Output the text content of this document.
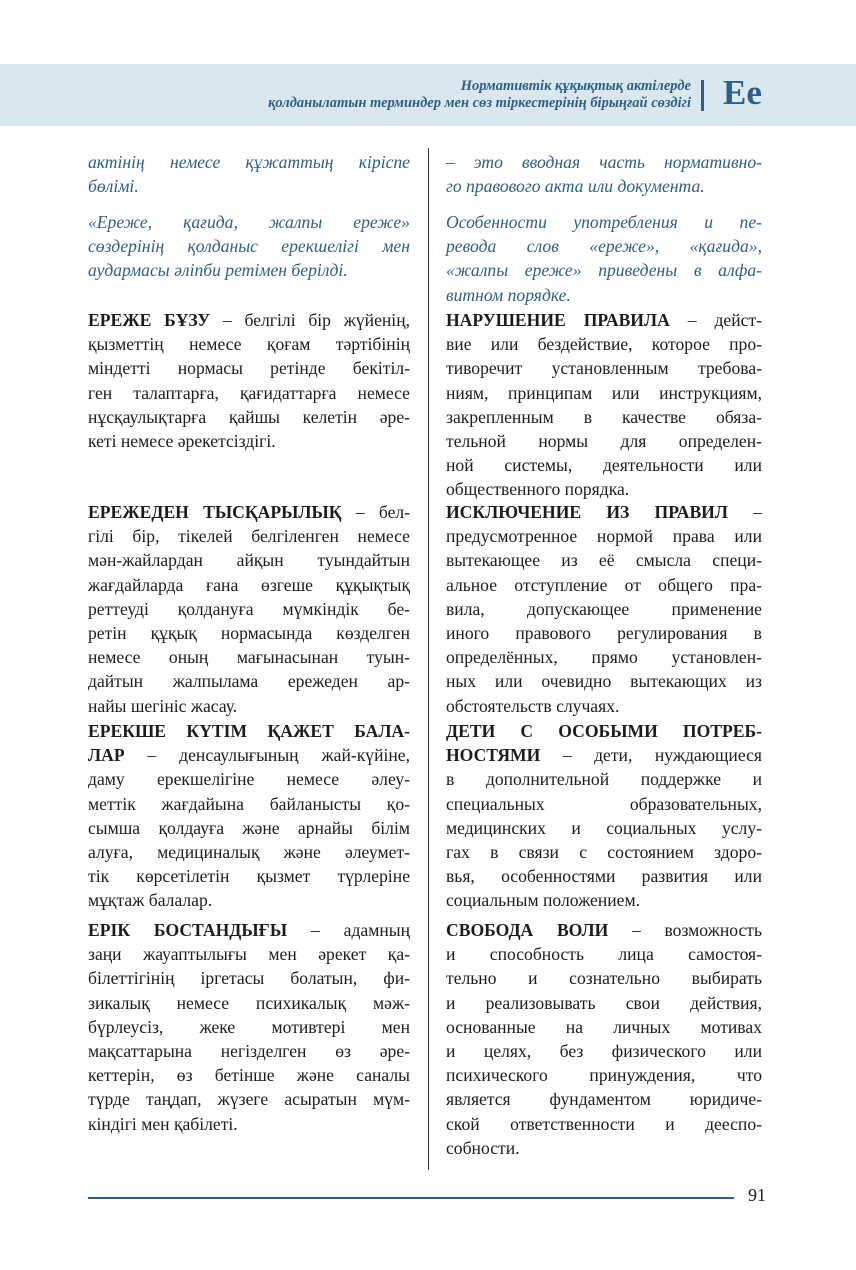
Нормативтік құқықтық актілерде
қолданылатын терминдер мен сөз тіркестерінің бірыңғай сөздігі Ее

актінің немесе құжаттың кіріспе
бөлімі.

«Ереже, қағида, жалпы ереже»
сөздерінің қолданыс ерекшелігі мен
аудармасы әліпби ретімен берілді.

ЕРЕЖЕ БҰЗУ – белгілі бір жүйенің,
қызметтің немесе қоғам тәртібінің
міндетті нормасы ретінде бекітіл-
ген талаптарға, қағидаттарға немесе
нұсқаулықтарға қайшы келетін әре-
кеті немесе әрекетсіздігі.

ЕРЕЖЕДЕН ТЫСҚАРЫЛЫҚ – бел-
гілі бір, тікелей белгіленген немесе
мән-жайлардан айқын туындайтын
жағдайларда ғана өзгеше құқықтық
реттеуді қолдануға мүмкіндік бе-
ретін құқық нормасында көзделген
немесе оның мағынасынан туын-
дайтын жалпылама ережеден ар-
найы шегініс жасау.

ЕРЕКШЕ КҮТІМ ҚАЖЕТ БАЛА-
ЛАР – денсаулығының жай-күйіне,
даму ерекшелігіне немесе әлеу-
меттік жағдайына байланысты қо-
сымша қолдауға және арнайы білім
алуға, медициналық және әлеумет-
тік көрсетілетін қызмет түрлеріне
мұқтаж балалар.

ЕРІК БОСТАНДЫҒЫ – адамның
заңи жауаптылығы мен әрекет қа-
білеттігінің іргетасы болатын, фи-
зикалық немесе психикалық мәж-
бүрлеусіз, жеке мотивтері мен
мақсаттарына негізделген өз әре-
кеттерін, өз бетінше және саналы
түрде таңдап, жүзеге асыратын мүм-
кіндігі мен қабілеті.

– это вводная часть нормативно-
го правового акта или документа.

Особенности употребления и пе-
ревода слов «ереже», «қағида»,
«жалпы ереже» приведены в алфа-
витном порядке.

НАРУШЕНИЕ ПРАВИЛА – дейст-
вие или бездействие, которое про-
тиворечит установленным требова-
ниям, принципам или инструкциям,
закрепленным в качестве обяза-
тельной нормы для определен-
ной системы, деятельности или
общественного порядка.

ИСКЛЮЧЕНИЕ ИЗ ПРАВИЛ –
предусмотренное нормой права или
вытекающее из её смысла специ-
альное отступление от общего пра-
вила, допускающее применение
иного правового регулирования в
определённых, прямо установлен-
ных или очевидно вытекающих из
обстоятельств случаях.

ДЕТИ С ОСОБЫМИ ПОТРЕБ-
НОСТЯМИ – дети, нуждающиеся
в дополнительной поддержке и
специальных образовательных,
медицинских и социальных услу-
гах в связи с состоянием здоро-
вья, особенностями развития или
социальным положением.

СВОБОДА ВОЛИ – возможность
и способность лица самостоя-
тельно и сознательно выбирать
и реализовывать свои действия,
основанные на личных мотивах
и целях, без физического или
психического принуждения, что
является фундаментом юридиче-
ской ответственности и дееспо-
собности.

91
